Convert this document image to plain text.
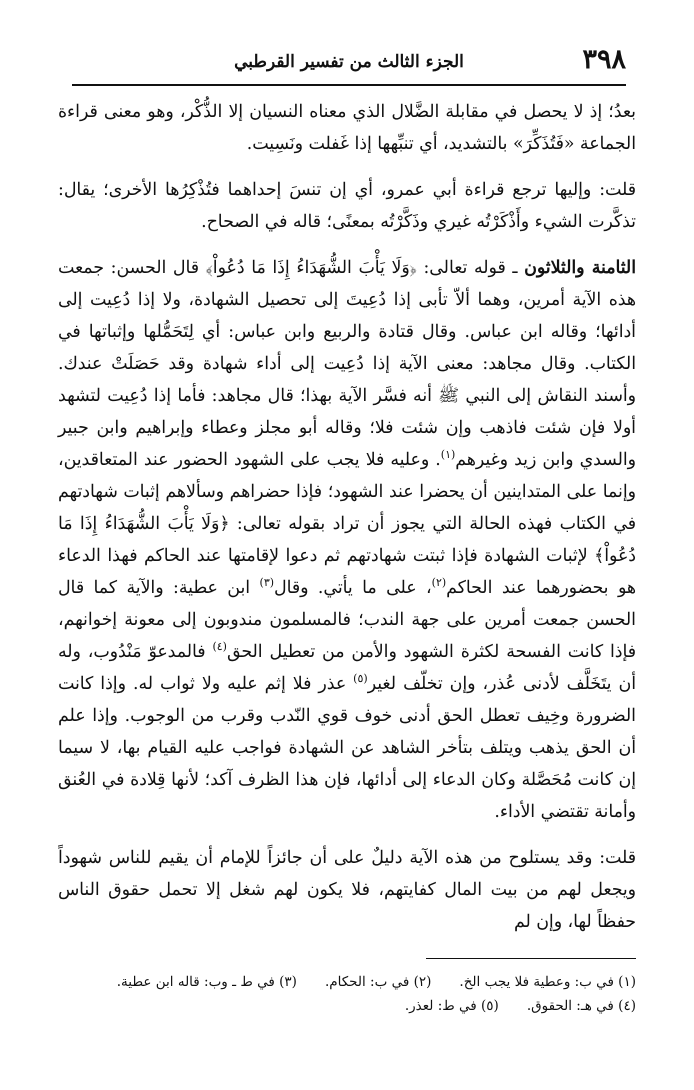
٣٩٨
الجزء الثالث من تفسير القرطبي

بعدُ؛ إذ لا يحصل في مقابلة الضَّلال الذي معناه النسيان إلا الذُّكْر، وهو معنى قراءة الجماعة «فَتُذَكِّرَ» بالتشديد، أي تنبِّهها إذا غَفلت ونَسِيت.

قلت: وإليها ترجع قراءة أبي عمرو، أي إن تنسَ إحداهما فتُذْكِرُها الأخرى؛ يقال: تذكَّرت الشيء وأَذْكَرْتُه غيري وذَكَّرْتُه بمعنًى؛ قاله في الصحاح.

الثامنة والثلاثون ـ قوله تعالى: ﴿وَلَا يَأْبَ الشُّهَدَاءُ إِذَا مَا دُعُواْ﴾ قال الحسن: جمعت هذه الآية أمرين، وهما ألاّ تأبى إذا دُعِيتَ إلى تحصيل الشهادة، ولا إذا دُعِيت إلى أدائها؛ وقاله ابن عباس. وقال قتادة والربيع وابن عباس: أي لِتَحَمُّلها وإثباتها في الكتاب. وقال مجاهد: معنى الآية إذا دُعِيت إلى أداء شهادة وقد حَصَلَتْ عندك. وأسند النقاش إلى النبي ﷺ أنه فسَّر الآية بهذا؛ قال مجاهد: فأما إذا دُعِيت لتشهد أولا فإن شئت فاذهب وإن شئت فلا؛ وقاله أبو مجلز وعطاء وإبراهيم وابن جبير والسدي وابن زيد وغيرهم$^{(١)}$. وعليه فلا يجب على الشهود الحضور عند المتعاقدين، وإنما على المتداينين أن يحضرا عند الشهود؛ فإذا حضراهم وسألاهم إثبات شهادتهم في الكتاب فهذه الحالة التي يجوز أن تراد بقوله تعالى: ﴿وَلَا يَأْبَ الشُّهَدَاءُ إِذَا مَا دُعُواْ﴾ لإثبات الشهادة فإذا ثبتت شهادتهم ثم دعوا لإقامتها عند الحاكم فهذا الدعاء هو بحضورهما عند الحاكم$^{(٢)}$، على ما يأتي. وقال$^{(٣)}$ ابن عطية: والآية كما قال الحسن جمعت أمرين على جهة الندب؛ فالمسلمون مندوبون إلى معونة إخوانهم، فإذا كانت الفسحة لكثرة الشهود والأمن من تعطيل الحق$^{(٤)}$ فالمدعوّ مَنْدُوب، وله أن يتَخَلَّف لأدنى عُذر، وإن تخلّف لغير$^{(٥)}$ عذر فلا إثم عليه ولا ثواب له. وإذا كانت الضرورة وخِيف تعطل الحق أدنى خوف قوي النّدب وقرب من الوجوب. وإذا علم أن الحق يذهب ويتلف بتأخر الشاهد عن الشهادة فواجب عليه القيام بها، لا سيما إن كانت مُحَصَّلة وكان الدعاء إلى أدائها، فإن هذا الظرف آكد؛ لأنها قِلادة في العُنق وأمانة تقتضي الأداء.

قلت: وقد يستلوح من هذه الآية دليلٌ على أن جائزاً للإمام أن يقيم للناس شهوداً ويجعل لهم من بيت المال كفايتهم، فلا يكون لهم شغل إلا تحمل حقوق الناس حفظاً لها، وإن لم

(١) في ب: وعطية فلا يجب الخ.(٢) في ب: الحكام.(٣) في ط ـ وب: قاله ابن عطية.

(٤) في هـ: الحقوق.(٥) في ط: لعذر.
